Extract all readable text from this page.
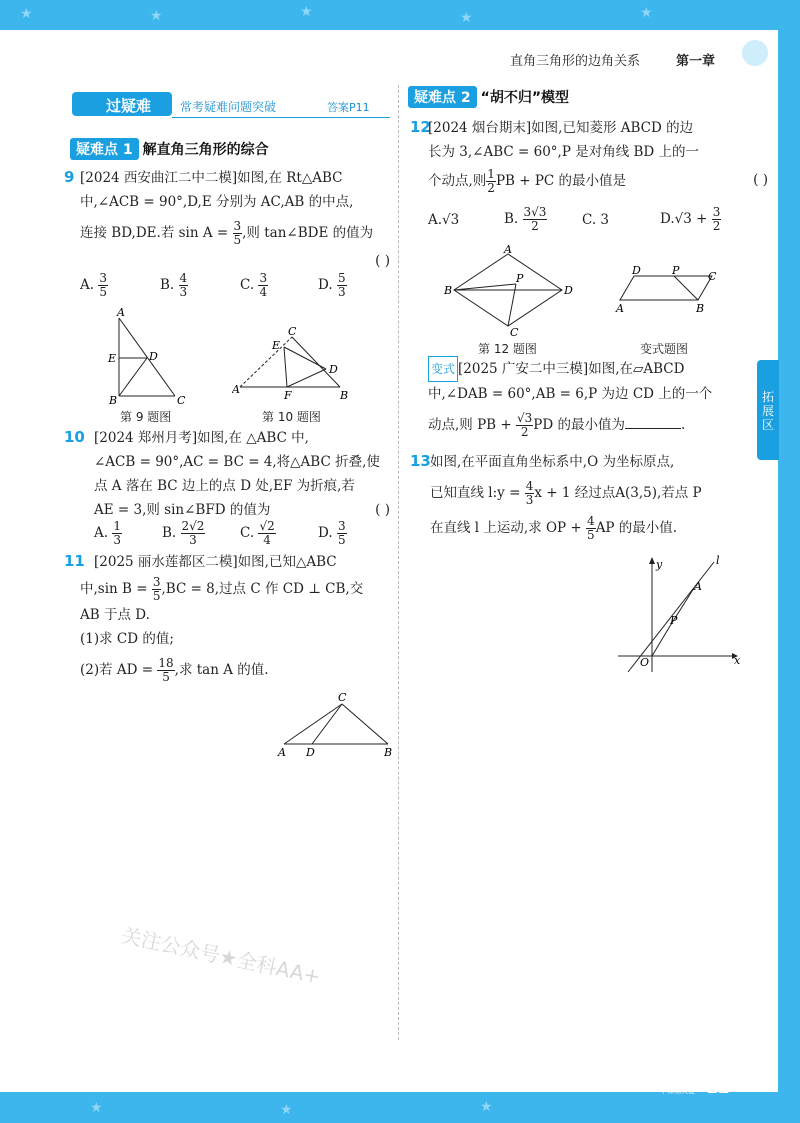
★	★	★	★	★
★	★	★
直角三角形的边角关系	第一章
过疑难	常考疑难问题突破	答案P11
疑难点 1 解直角三角形的综合
9 [2024 西安曲江二中二模]如图,在 Rt△ABC
中,∠ACB = 90°,D,E 分别为 AC,AB 的中点,
连接 BD,DE.若 $\sin A = \frac{3}{5}$ ,则 tan∠BDE 的值为
( )
A. $\frac{3}{5}$	B. $\frac{4}{3}$	C. $\frac{3}{4}$	D. $\frac{5}{3}$
A
E	D
B	C
第 9 题图
C
E
A	F
D
B
第 10 题图
10 [2024 郑州月考]如图,在 △ABC 中,
∠ACB = 90°,AC = BC = 4,将△ABC 折叠,使
点 A 落在 BC 边上的点 D 处,EF 为折痕,若
AE = 3,则 sin∠BFD 的值为	( )
A. $\frac{1}{3}$	B. $\frac{2√2}{3}$	C. $\frac{√2}{4}$	D. $\frac{3}{5}$
11 [2025 丽水莲都区二模]如图,已知△ABC
中,sin $B = \frac{3}{5} ,BC = 8$,过点 C 作 CD ⊥ CB,交
AB 于点 D.
(1)求 CD 的值;
(2)若 AD = $\frac{18}{5}$ ,求 tan A 的值.
C
A D	B
疑难点 2 “胡不归”模型
12
[2024 烟台期末]如图,已知菱形 ABCD 的边
长为 3,∠ABC = 60°,P 是对角线 BD 上的一
个动点,则 $\frac{1}{2}$ PB + PC 的最小值是	( )
A.√3	B. $\frac{3√3}{2}$	C. 3	$D.√3 + \frac{3}{2}$
A
B	D
C
P
第 12 题图
D	P	C
A	B
变式题图
变式 [2025 广安二中三模]如图,在▱ABCD
中,∠DAB = 60°,AB = 6,P 为边 CD 上的一个
动点,则 PB + $\frac{√3}{2}$ PD 的最小值为	.
13 如图,在平面直角坐标系中,O 为坐标原点,
已知直线 l:y = $\frac{4}{3}$ x + 1 经过点A(3,5),若点 P
在直线 l 上运动,求 OP + $\frac{4}{5}$ AP 的最小值.
y
x
O
l
A
P
拓展区
关注公众号★全科AA+
上课认真听
下课练关键 12
